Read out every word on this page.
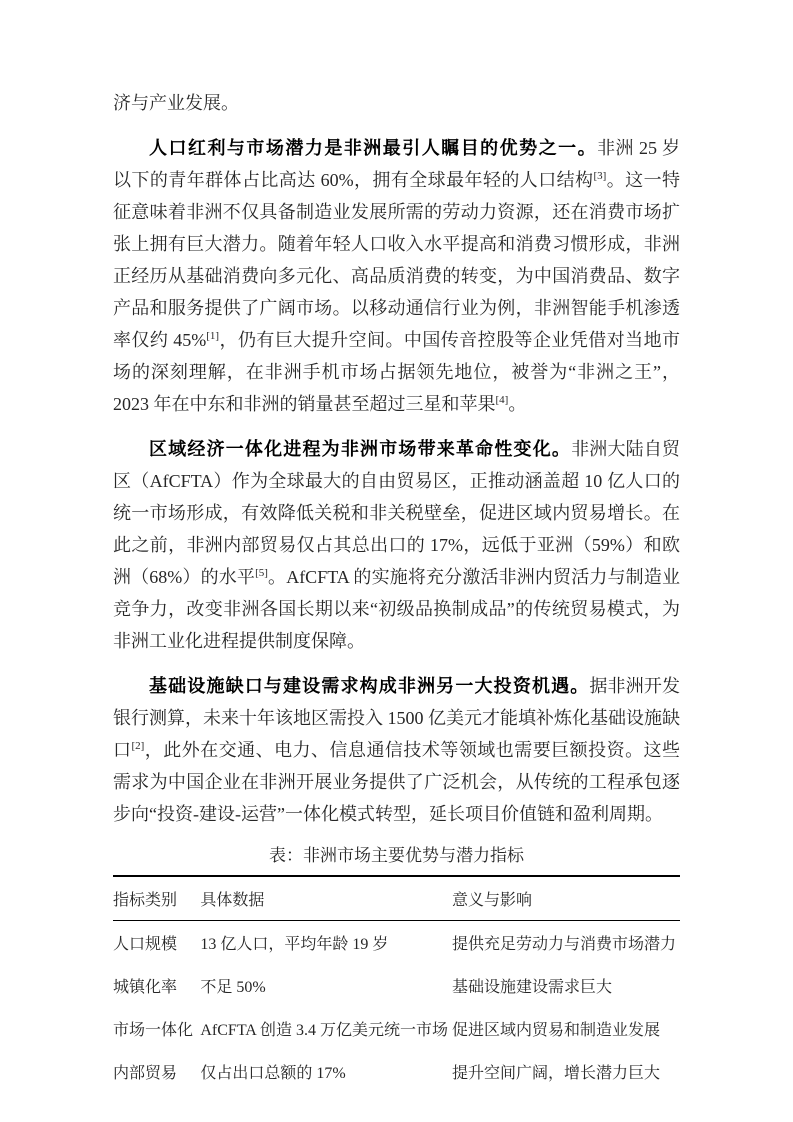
济与产业发展。

人口红利与市场潜力是非洲最引人瞩目的优势之一。非洲 25 岁以下的青年群体占比高达 60%，拥有全球最年轻的人口结构[3]。这一特征意味着非洲不仅具备制造业发展所需的劳动力资源，还在消费市场扩张上拥有巨大潜力。随着年轻人口收入水平提高和消费习惯形成，非洲正经历从基础消费向多元化、高品质消费的转变，为中国消费品、数字产品和服务提供了广阔市场。以移动通信行业为例，非洲智能手机渗透率仅约 45%[1]，仍有巨大提升空间。中国传音控股等企业凭借对当地市场的深刻理解，在非洲手机市场占据领先地位，被誉为“非洲之王”，2023 年在中东和非洲的销量甚至超过三星和苹果[4]。

区域经济一体化进程为非洲市场带来革命性变化。非洲大陆自贸区（AfCFTA）作为全球最大的自由贸易区，正推动涵盖超 10 亿人口的统一市场形成，有效降低关税和非关税壁垒，促进区域内贸易增长。在此之前，非洲内部贸易仅占其总出口的 17%，远低于亚洲（59%）和欧洲（68%）的水平[5]。AfCFTA 的实施将充分激活非洲内贸活力与制造业竞争力，改变非洲各国长期以来“初级品换制成品”的传统贸易模式，为非洲工业化进程提供制度保障。

基础设施缺口与建设需求构成非洲另一大投资机遇。据非洲开发银行测算，未来十年该地区需投入 1500 亿美元才能填补炼化基础设施缺口[2]，此外在交通、电力、信息通信技术等领域也需要巨额投资。这些需求为中国企业在非洲开展业务提供了广泛机会，从传统的工程承包逐步向“投资-建设-运营”一体化模式转型，延长项目价值链和盈利周期。

表：非洲市场主要优势与潜力指标
指标类别	具体数据	意义与影响
人口规模	13 亿人口，平均年龄 19 岁	提供充足劳动力与消费市场潜力
城镇化率	不足 50%	基础设施建设需求巨大
市场一体化	AfCFTA 创造 3.4 万亿美元统一市场	促进区域内贸易和制造业发展
内部贸易	仅占出口总额的 17%	提升空间广阔，增长潜力巨大
